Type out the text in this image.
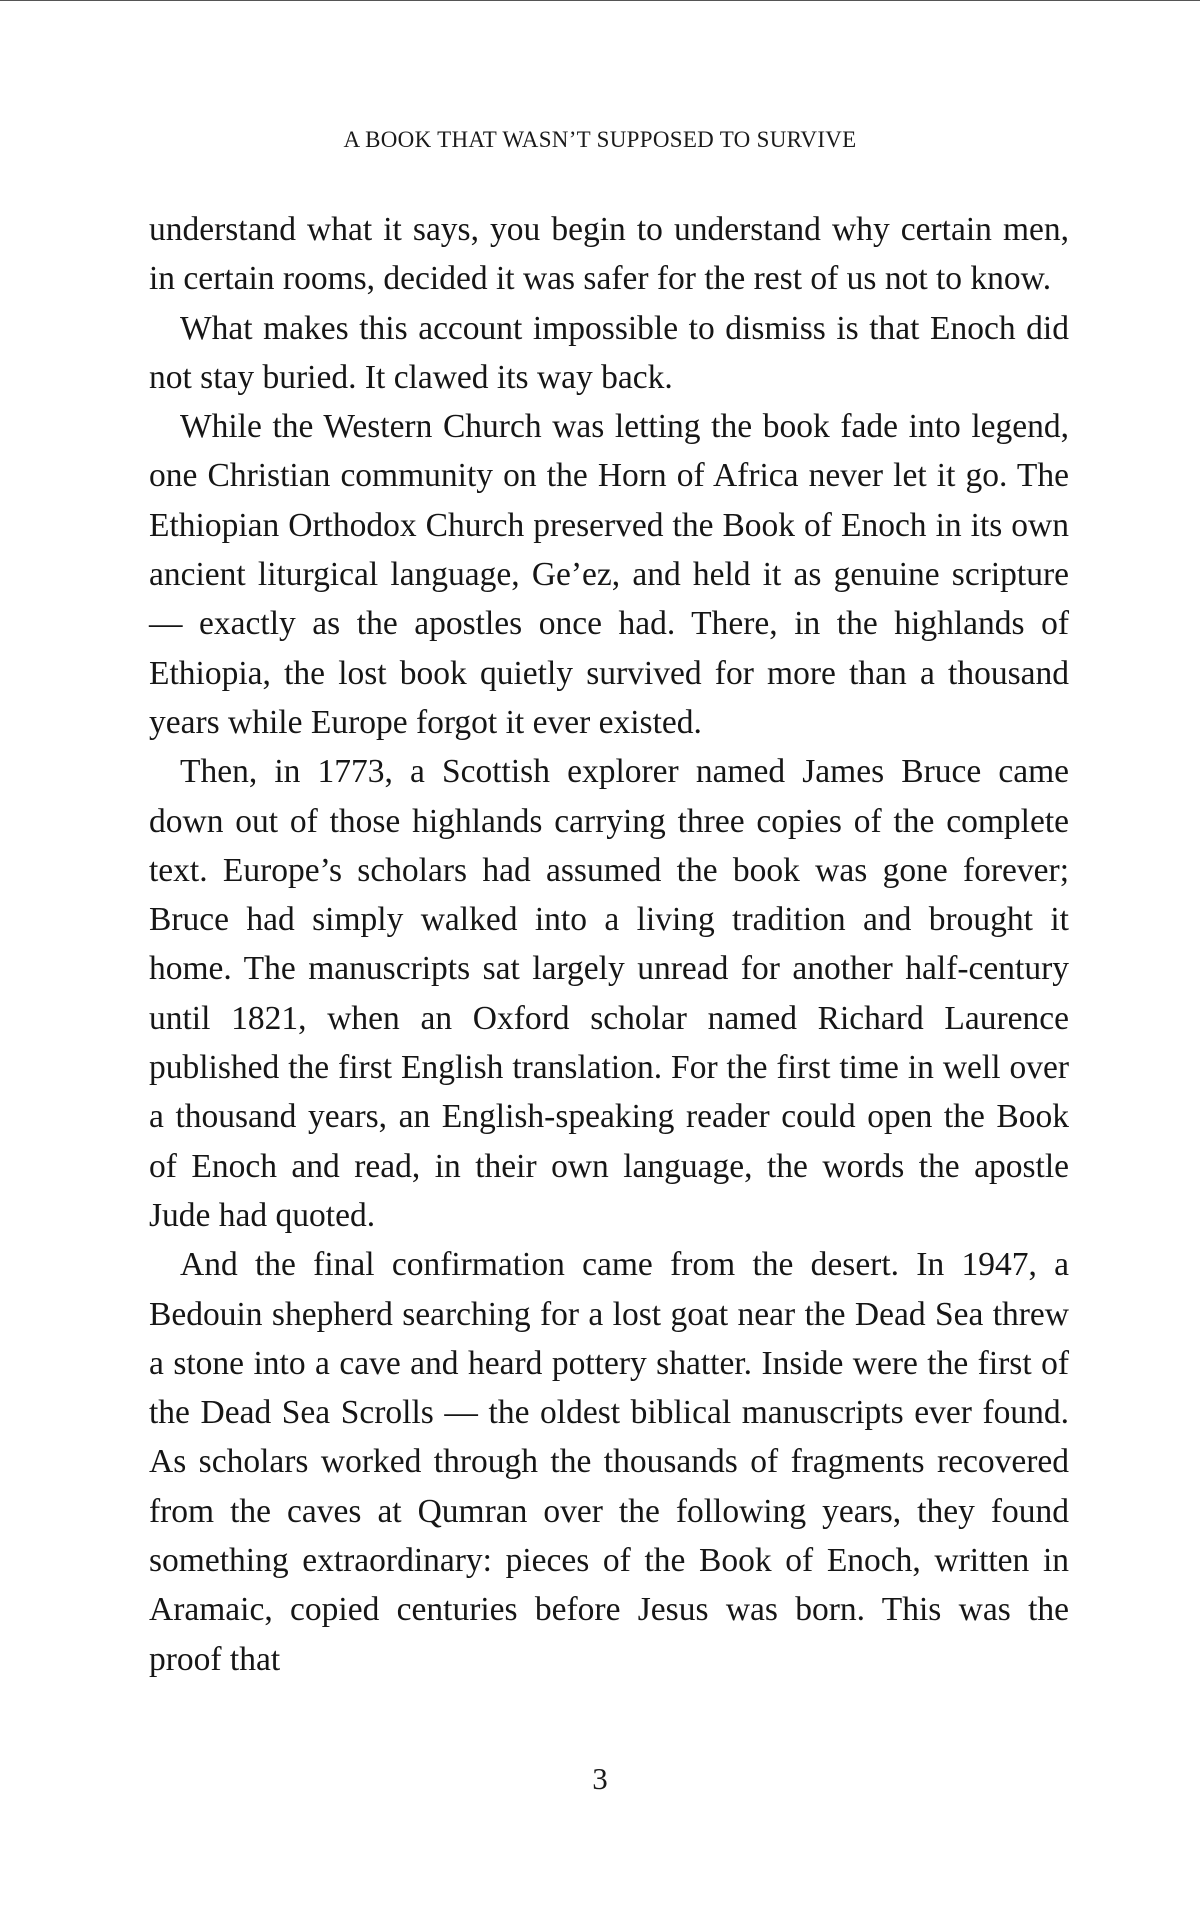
A BOOK THAT WASN’T SUPPOSED TO SURVIVE

understand what it says, you begin to understand why certain men, in certain rooms, decided it was safer for the rest of us not to know.

What makes this account impossible to dismiss is that Enoch did not stay buried. It clawed its way back.

While the Western Church was letting the book fade into legend, one Christian community on the Horn of Africa never let it go. The Ethiopian Orthodox Church preserved the Book of Enoch in its own ancient liturgical language, Ge’ez, and held it as genuine scripture — exactly as the apostles once had. There, in the highlands of Ethiopia, the lost book quietly survived for more than a thousand years while Europe forgot it ever existed.

Then, in 1773, a Scottish explorer named James Bruce came down out of those highlands carrying three copies of the complete text. Europe’s scholars had assumed the book was gone forever; Bruce had simply walked into a living tradition and brought it home. The manuscripts sat largely unread for another half-century until 1821, when an Oxford scholar named Richard Laurence published the first English translation. For the first time in well over a thousand years, an English-speaking reader could open the Book of Enoch and read, in their own language, the words the apostle Jude had quoted.

And the final confirmation came from the desert. In 1947, a Bedouin shepherd searching for a lost goat near the Dead Sea threw a stone into a cave and heard pottery shatter. Inside were the first of the Dead Sea Scrolls — the oldest biblical manuscripts ever found. As scholars worked through the thousands of fragments recovered from the caves at Qumran over the following years, they found something extraordinary: pieces of the Book of Enoch, written in Aramaic, copied centuries before Jesus was born. This was the proof that

3
